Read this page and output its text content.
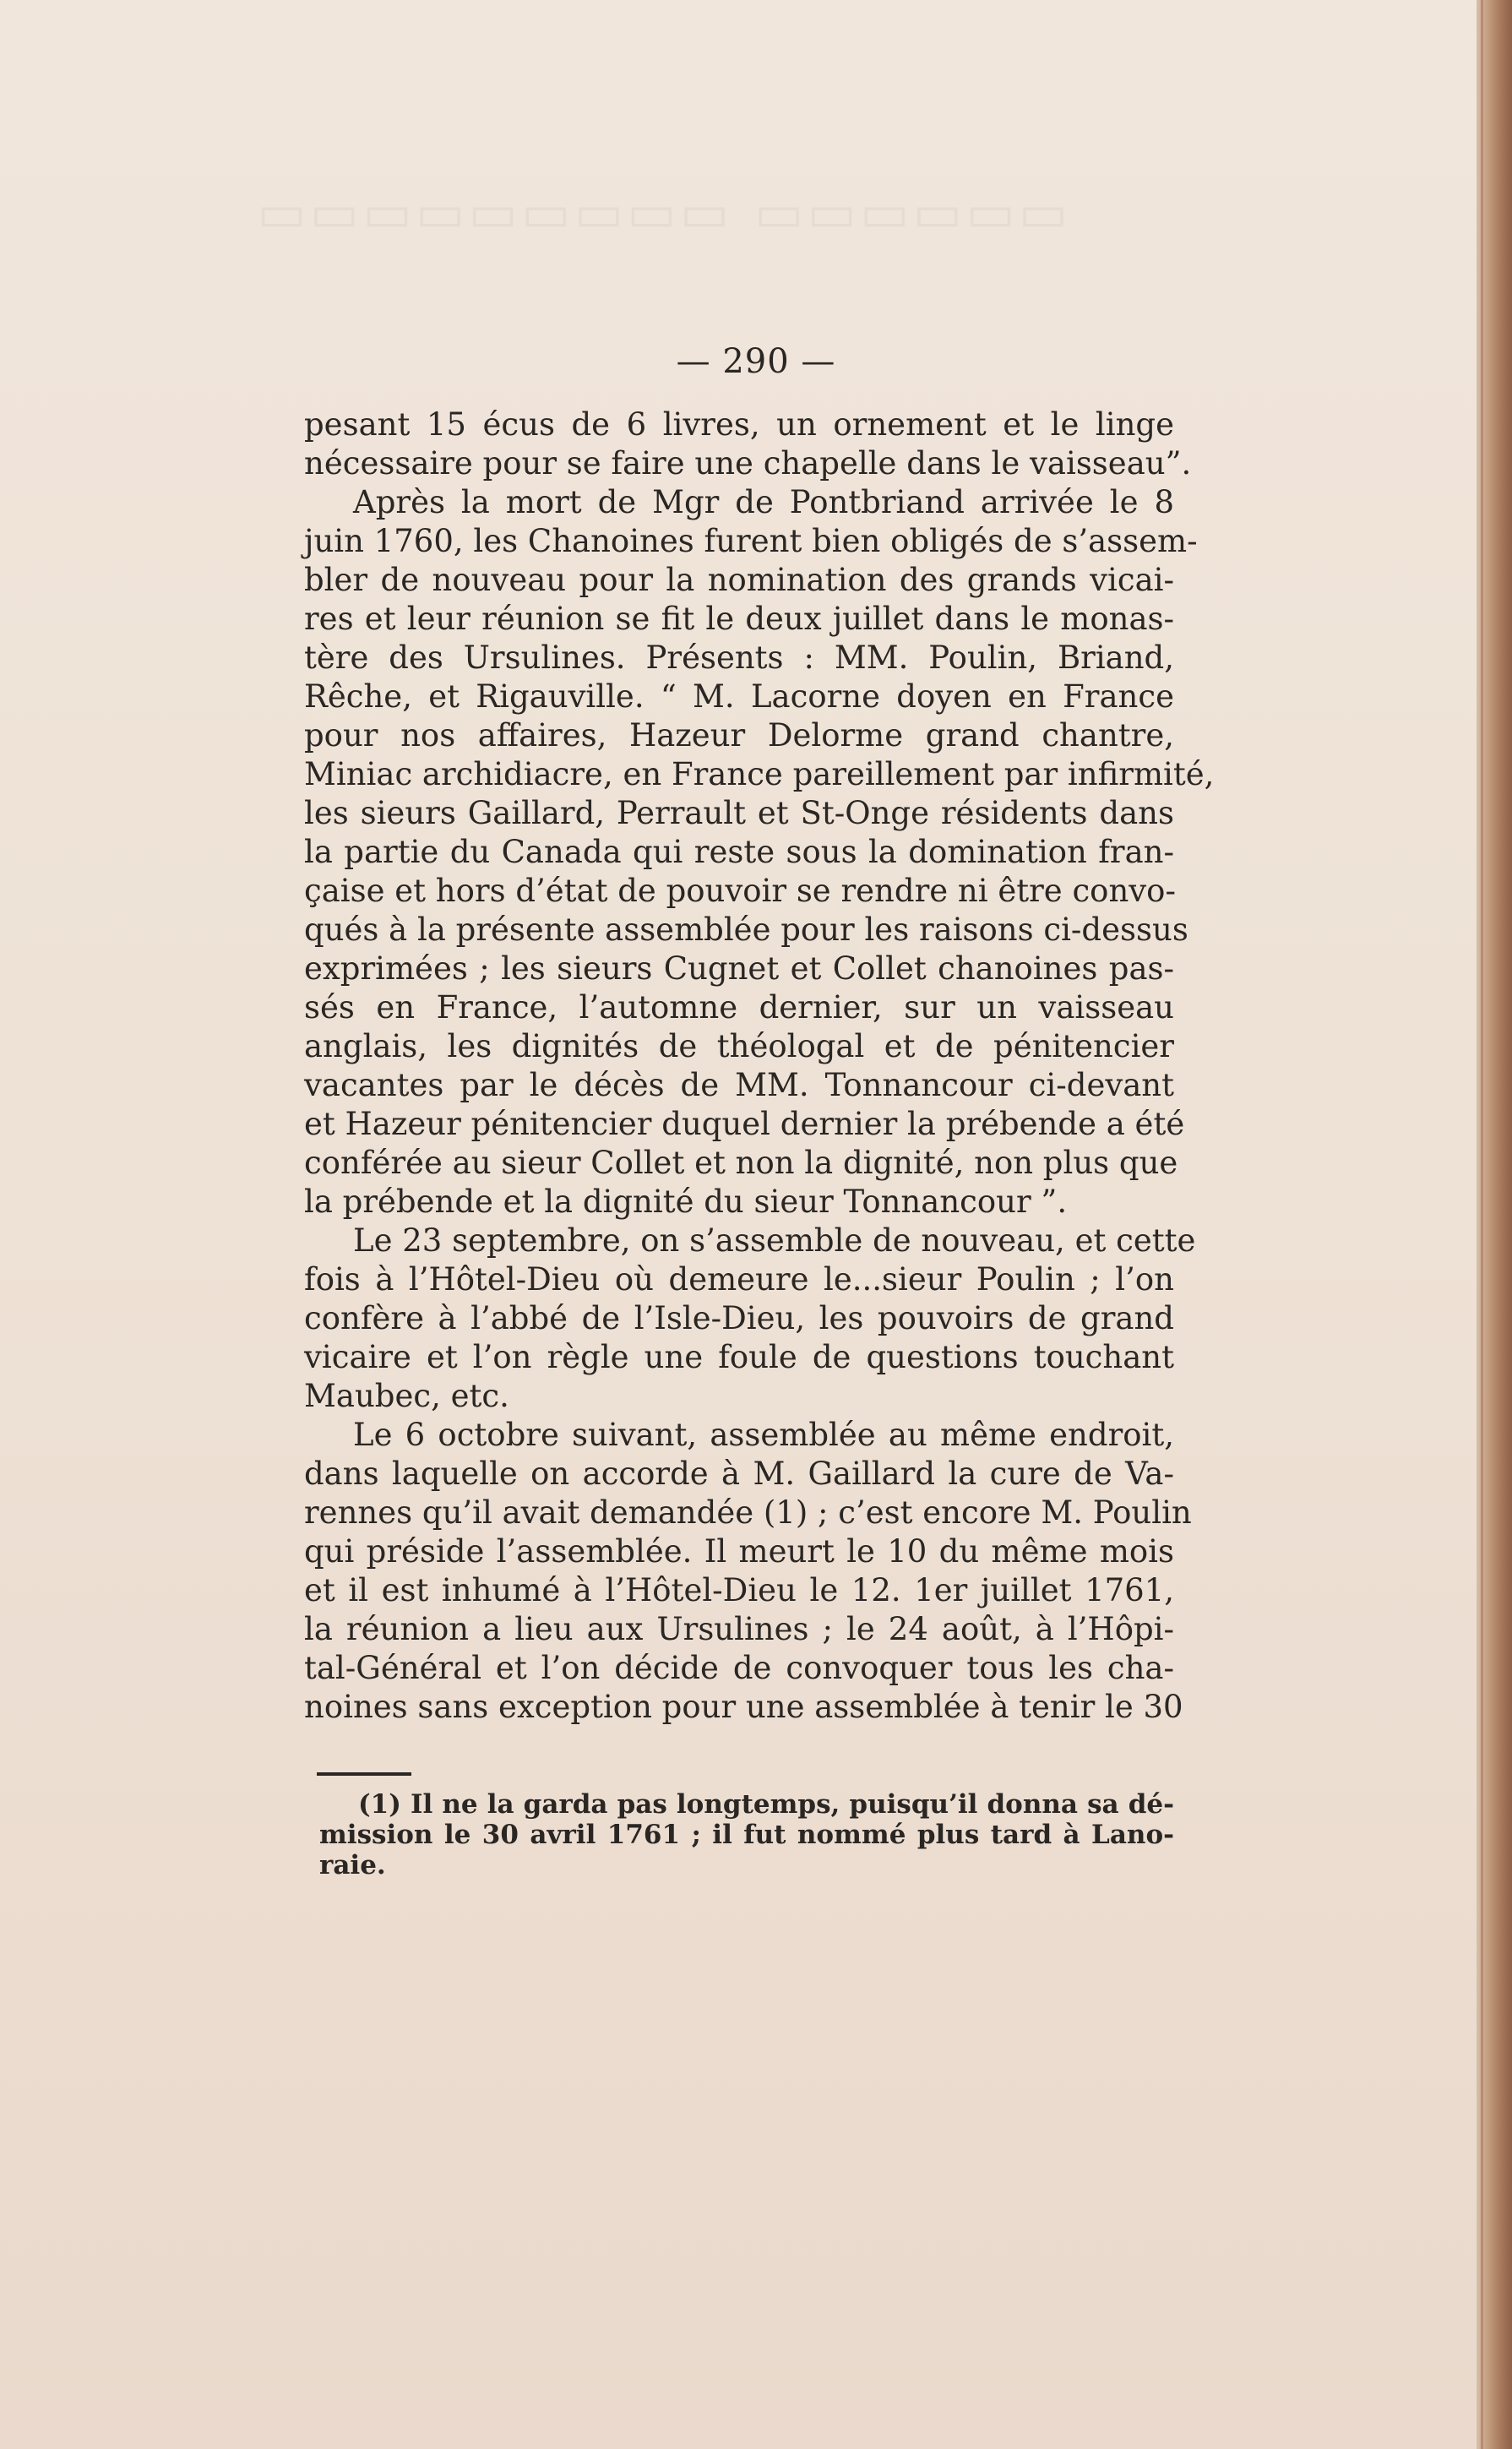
— 290 —
pesant 15 écus de 6 livres, un ornement et le linge
nécessaire pour se faire une chapelle dans le vaisseau”.
Après la mort de Mgr de Pontbriand arrivée le 8
juin 1760, les Chanoines furent bien obligés de s’assem-
bler de nouveau pour la nomination des grands vicai-
res et leur réunion se fit le deux juillet dans le monas-
tère des Ursulines. Présents : MM. Poulin, Briand,
Rêche, et Rigauville. “ M. Lacorne doyen en France
pour nos affaires, Hazeur Delorme grand chantre,
Miniac archidiacre, en France pareillement par infirmité,
les sieurs Gaillard, Perrault et St-Onge résidents dans
la partie du Canada qui reste sous la domination fran-
çaise et hors d’état de pouvoir se rendre ni être convo-
qués à la présente assemblée pour les raisons ci-dessus
exprimées ; les sieurs Cugnet et Collet chanoines pas-
sés en France, l’automne dernier, sur un vaisseau
anglais, les dignités de théologal et de pénitencier
vacantes par le décès de MM. Tonnancour ci-devant
et Hazeur pénitencier duquel dernier la prébende a été
conférée au sieur Collet et non la dignité, non plus que
la prébende et la dignité du sieur Tonnancour ”.
Le 23 septembre, on s’assemble de nouveau, et cette
fois à l’Hôtel-Dieu où demeure le...sieur Poulin ; l’on
confère à l’abbé de l’Isle-Dieu, les pouvoirs de grand
vicaire et l’on règle une foule de questions touchant
Maubec, etc.
Le 6 octobre suivant, assemblée au même endroit,
dans laquelle on accorde à M. Gaillard la cure de Va-
rennes qu’il avait demandée (1) ; c’est encore M. Poulin
qui préside l’assemblée. Il meurt le 10 du même mois
et il est inhumé à l’Hôtel-Dieu le 12. 1er juillet 1761,
la réunion a lieu aux Ursulines ; le 24 août, à l’Hôpi-
tal-Général et l’on décide de convoquer tous les cha-
noines sans exception pour une assemblée à tenir le 30
(1) Il ne la garda pas longtemps, puisqu’il donna sa dé-
mission le 30 avril 1761 ; il fut nommé plus tard à Lano-
raie.
